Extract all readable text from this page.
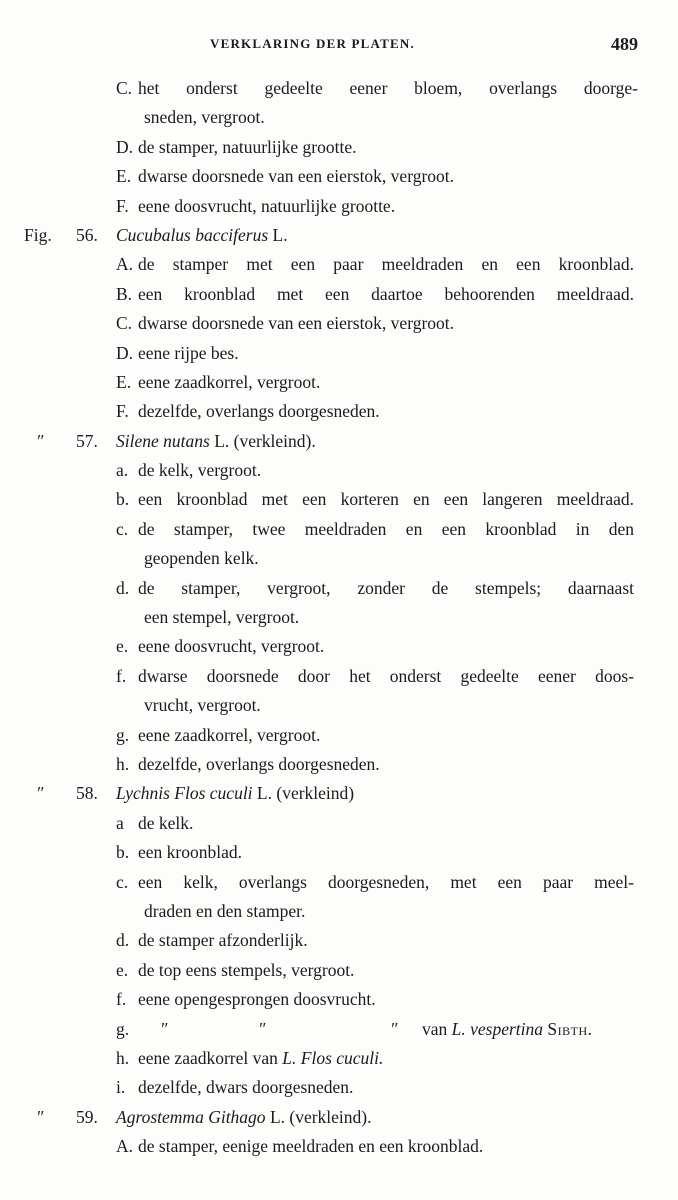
VERKLARING DER PLATEN.	489
C. het onderst gedeelte eener bloem, overlangs doorge-
sneden, vergroot.
D. de stamper, natuurlijke grootte.
E. dwarse doorsnede van een eierstok, vergroot.
F. eene doosvrucht, natuurlijke grootte.
Fig. 56. Cucubalus bacciferus L.
A. de stamper met een paar meeldraden en een kroonblad.
B. een kroonblad met een daartoe behoorenden meeldraad.
C. dwarse doorsnede van een eierstok, vergroot.
D. eene rijpe bes.
E. eene zaadkorrel, vergroot.
F. dezelfde, overlangs doorgesneden.
″ 57. Silene nutans L. (verkleind).
a. de kelk, vergroot.
b. een kroonblad met een korteren en een langeren meeldraad.
c. de stamper, twee meeldraden en een kroonblad in den
geopenden kelk.
d. de stamper, vergroot, zonder de stempels; daarnaast
een stempel, vergroot.
e. eene doosvrucht, vergroot.
f. dwarse doorsnede door het onderst gedeelte eener doos-
vrucht, vergroot.
g. eene zaadkorrel, vergroot.
h. dezelfde, overlangs doorgesneden.
″ 58. Lychnis Flos cuculi L. (verkleind)
a de kelk.
b. een kroonblad.
c. een kelk, overlangs doorgesneden, met een paar meel-
draden en den stamper.
d. de stamper afzonderlijk.
e. de top eens stempels, vergroot.
f. eene opengesprongen doosvrucht.
g. ″	″	″ van L. vespertina Sibth.
h. eene zaadkorrel van L. Flos cuculi.
i. dezelfde, dwars doorgesneden.
″ 59. Agrostemma Githago L. (verkleind).
A. de stamper, eenige meeldraden en een kroonblad.
